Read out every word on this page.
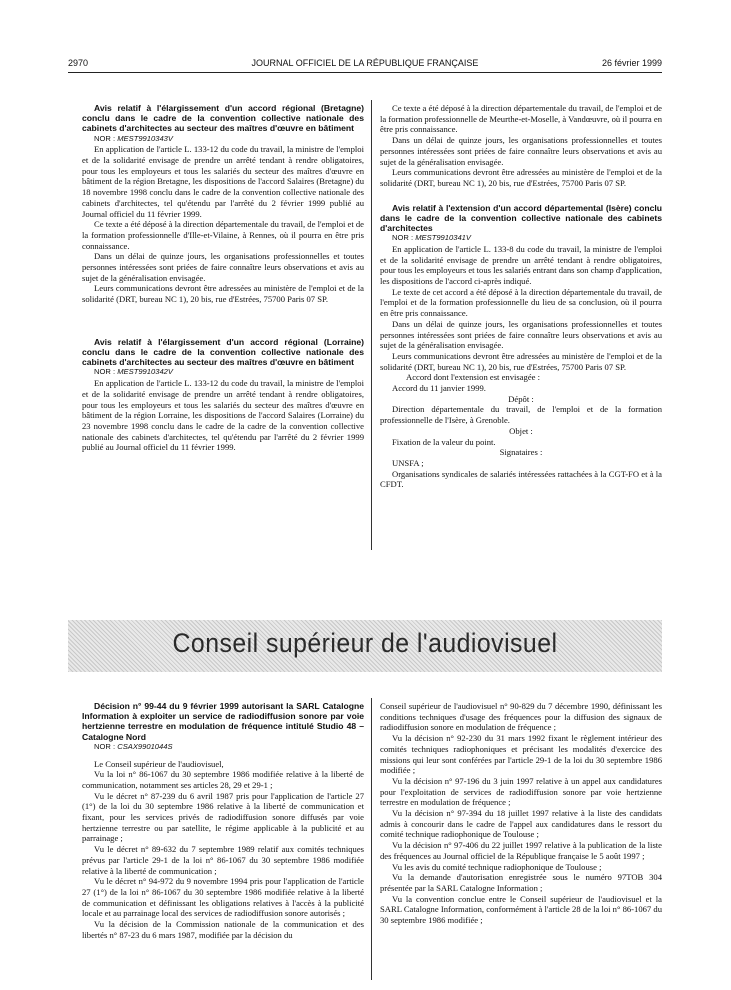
2970	JOURNAL OFFICIEL DE LA RÉPUBLIQUE FRANÇAISE	26 février 1999

Avis relatif à l'élargissement d'un accord régional (Bretagne) conclu dans le cadre de la convention collective nationale des cabinets d'architectes au secteur des maîtres d'œuvre en bâtiment

NOR : MEST9910343V

En application de l'article L. 133-12 du code du travail, la ministre de l'emploi et de la solidarité envisage de prendre un arrêté tendant à rendre obligatoires, pour tous les employeurs et tous les salariés du secteur des maîtres d'œuvre en bâtiment de la région Bretagne, les dispositions de l'accord Salaires (Bretagne) du 18 novembre 1998 conclu dans le cadre de la convention collective nationale des cabinets d'architectes, tel qu'étendu par l'arrêté du 2 février 1999 publié au Journal officiel du 11 février 1999.

Ce texte a été déposé à la direction départementale du travail, de l'emploi et de la formation professionnelle d'Ille-et-Vilaine, à Rennes, où il pourra en être pris connaissance.

Dans un délai de quinze jours, les organisations professionnelles et toutes personnes intéressées sont priées de faire connaître leurs observations et avis au sujet de la généralisation envisagée.

Leurs communications devront être adressées au ministère de l'emploi et de la solidarité (DRT, bureau NC 1), 20 bis, rue d'Estrées, 75700 Paris 07 SP.

Avis relatif à l'élargissement d'un accord régional (Lorraine) conclu dans le cadre de la convention collective nationale des cabinets d'architectes au secteur des maîtres d'œuvre en bâtiment

NOR : MEST9910342V

En application de l'article L. 133-12 du code du travail, la ministre de l'emploi et de la solidarité envisage de prendre un arrêté tendant à rendre obligatoires, pour tous les employeurs et tous les salariés du secteur des maîtres d'œuvre en bâtiment de la région Lorraine, les dispositions de l'accord Salaires (Lorraine) du 23 novembre 1998 conclu dans le cadre de la cadre de la convention collective nationale des cabinets d'architectes, tel qu'étendu par l'arrêté du 2 février 1999 publié au Journal officiel du 11 février 1999.

Ce texte a été déposé à la direction départementale du travail, de l'emploi et de la formation professionnelle de Meurthe-et-Moselle, à Vandœuvre, où il pourra en être pris connaissance.

Dans un délai de quinze jours, les organisations professionnelles et toutes personnes intéressées sont priées de faire connaître leurs observations et avis au sujet de la généralisation envisagée.

Leurs communications devront être adressées au ministère de l'emploi et de la solidarité (DRT, bureau NC 1), 20 bis, rue d'Estrées, 75700 Paris 07 SP.

Avis relatif à l'extension d'un accord départemental (Isère) conclu dans le cadre de la convention collective nationale des cabinets d'architectes

NOR : MEST9910341V

En application de l'article L. 133-8 du code du travail, la ministre de l'emploi et de la solidarité envisage de prendre un arrêté tendant à rendre obligatoires, pour tous les employeurs et tous les salariés entrant dans son champ d'application, les dispositions de l'accord ci-après indiqué.

Le texte de cet accord a été déposé à la direction départementale du travail, de l'emploi et de la formation professionnelle du lieu de sa conclusion, où il pourra en être pris connaissance.

Dans un délai de quinze jours, les organisations professionnelles et toutes personnes intéressées sont priées de faire connaître leurs observations et avis au sujet de la généralisation envisagée.

Leurs communications devront être adressées au ministère de l'emploi et de la solidarité (DRT, bureau NC 1), 20 bis, rue d'Estrées, 75700 Paris 07 SP.

Accord dont l'extension est envisagée :

Accord du 11 janvier 1999.

Dépôt :

Direction départementale du travail, de l'emploi et de la formation professionnelle de l'Isère, à Grenoble.

Objet :

Fixation de la valeur du point.

Signataires :

UNSFA ;

Organisations syndicales de salariés intéressées rattachées à la CGT-FO et à la CFDT.

Conseil supérieur de l'audiovisuel

Décision n° 99-44 du 9 février 1999 autorisant la SARL Catalogne Information à exploiter un service de radiodiffusion sonore par voie hertzienne terrestre en modulation de fréquence intitulé Studio 48 – Catalogne Nord

NOR : CSAX9901044S

Le Conseil supérieur de l'audiovisuel,

Vu la loi n° 86-1067 du 30 septembre 1986 modifiée relative à la liberté de communication, notamment ses articles 28, 29 et 29-1 ;

Vu le décret n° 87-239 du 6 avril 1987 pris pour l'application de l'article 27 (1°) de la loi du 30 septembre 1986 relative à la liberté de communication et fixant, pour les services privés de radiodiffusion sonore diffusés par voie hertzienne terrestre ou par satellite, le régime applicable à la publicité et au parrainage ;

Vu le décret n° 89-632 du 7 septembre 1989 relatif aux comités techniques prévus par l'article 29-1 de la loi n° 86-1067 du 30 septembre 1986 modifiée relative à la liberté de communication ;

Vu le décret n° 94-972 du 9 novembre 1994 pris pour l'application de l'article 27 (1°) de la loi n° 86-1067 du 30 septembre 1986 modifiée relative à la liberté de communication et définissant les obligations relatives à l'accès à la publicité locale et au parrainage local des services de radiodiffusion sonore autorisés ;

Vu la décision de la Commission nationale de la communication et des libertés n° 87-23 du 6 mars 1987, modifiée par la décision du

Conseil supérieur de l'audiovisuel n° 90-829 du 7 décembre 1990, définissant les conditions techniques d'usage des fréquences pour la diffusion des signaux de radiodiffusion sonore en modulation de fréquence ;

Vu la décision n° 92-230 du 31 mars 1992 fixant le règlement intérieur des comités techniques radiophoniques et précisant les modalités d'exercice des missions qui leur sont conférées par l'article 29-1 de la loi du 30 septembre 1986 modifiée ;

Vu la décision n° 97-196 du 3 juin 1997 relative à un appel aux candidatures pour l'exploitation de services de radiodiffusion sonore par voie hertzienne terrestre en modulation de fréquence ;

Vu la décision n° 97-394 du 18 juillet 1997 relative à la liste des candidats admis à concourir dans le cadre de l'appel aux candidatures dans le ressort du comité technique radiophonique de Toulouse ;

Vu la décision n° 97-406 du 22 juillet 1997 relative à la publication de la liste des fréquences au Journal officiel de la République française le 5 août 1997 ;

Vu les avis du comité technique radiophonique de Toulouse ;

Vu la demande d'autorisation enregistrée sous le numéro 97TOB 304 présentée par la SARL Catalogne Information ;

Vu la convention conclue entre le Conseil supérieur de l'audiovisuel et la SARL Catalogne Information, conformément à l'article 28 de la loi n° 86-1067 du 30 septembre 1986 modifiée ;
